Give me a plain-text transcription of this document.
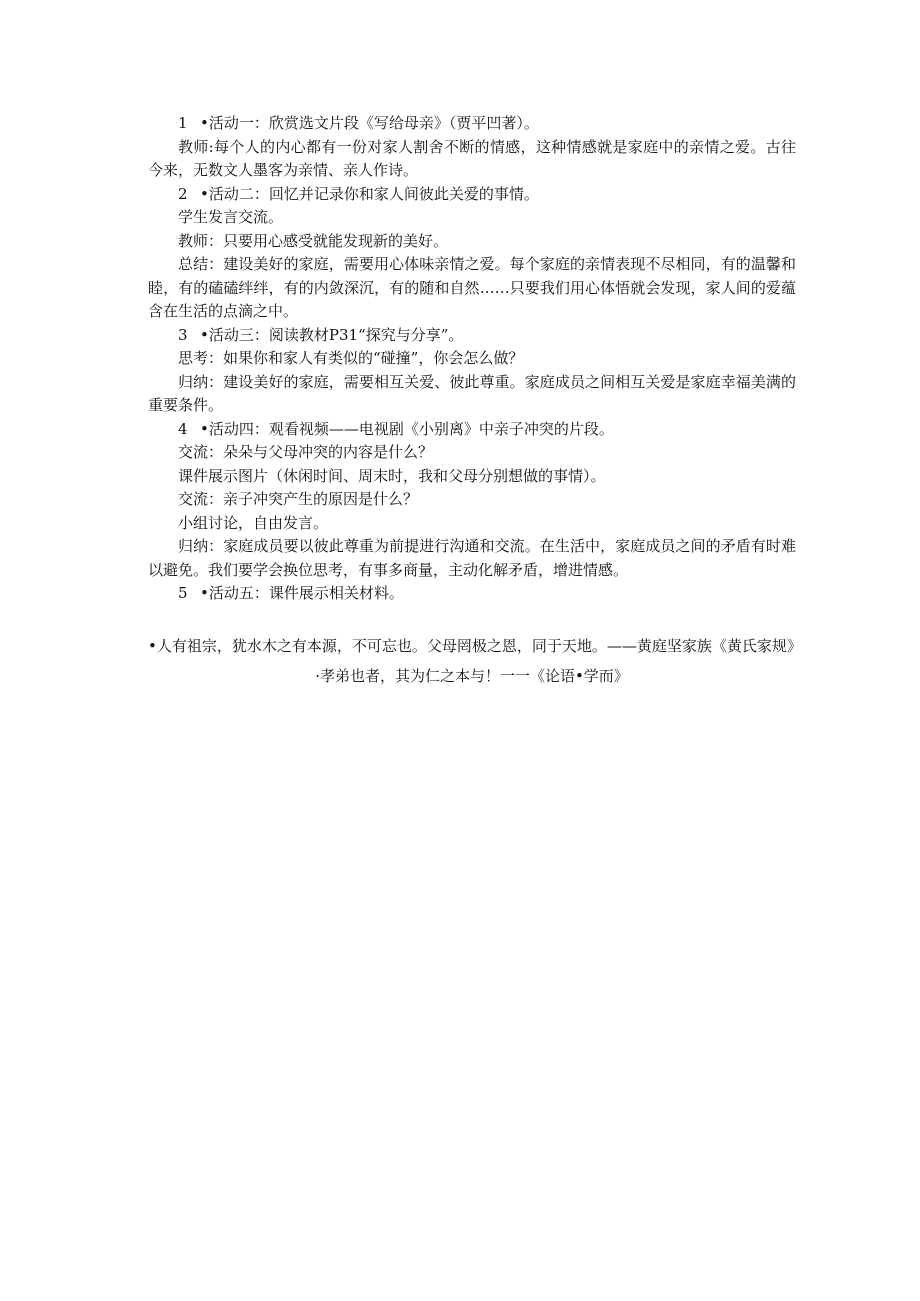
1 •活动一：欣赏选文片段《写给母亲》（贾平凹著）。

教师:每个人的内心都有一份对家人割舍不断的情感，这种情感就是家庭中的亲情之爱。古往今来，无数文人墨客为亲情、亲人作诗。

2 •活动二：回忆并记录你和家人间彼此关爱的事情。

学生发言交流。

教师：只要用心感受就能发现新的美好。

总结：建设美好的家庭，需要用心体味亲情之爱。每个家庭的亲情表现不尽相同，有的温馨和睦，有的磕磕绊绊，有的内敛深沉，有的随和自然……只要我们用心体悟就会发现，家人间的爱蕴含在生活的点滴之中。

3 •活动三：阅读教材P31“探究与分享”。

思考：如果你和家人有类似的“碰撞”，你会怎么做？

归纳：建设美好的家庭，需要相互关爱、彼此尊重。家庭成员之间相互关爱是家庭幸福美满的重要条件。

4 •活动四：观看视频——电视剧《小别离》中亲子冲突的片段。

交流：朵朵与父母冲突的内容是什么？

课件展示图片（休闲时间、周末时，我和父母分别想做的事情）。

交流：亲子冲突产生的原因是什么？

小组讨论，自由发言。

归纳：家庭成员要以彼此尊重为前提进行沟通和交流。在生活中，家庭成员之间的矛盾有时难以避免。我们要学会换位思考，有事多商量，主动化解矛盾，增进情感。

5 •活动五：课件展示相关材料。

•人有祖宗，犹水木之有本源，不可忘也。父母罔极之恩，同于天地。——黄庭坚家族《黄氏家规》

·孝弟也者，其为仁之本与！一一《论语•学而》
